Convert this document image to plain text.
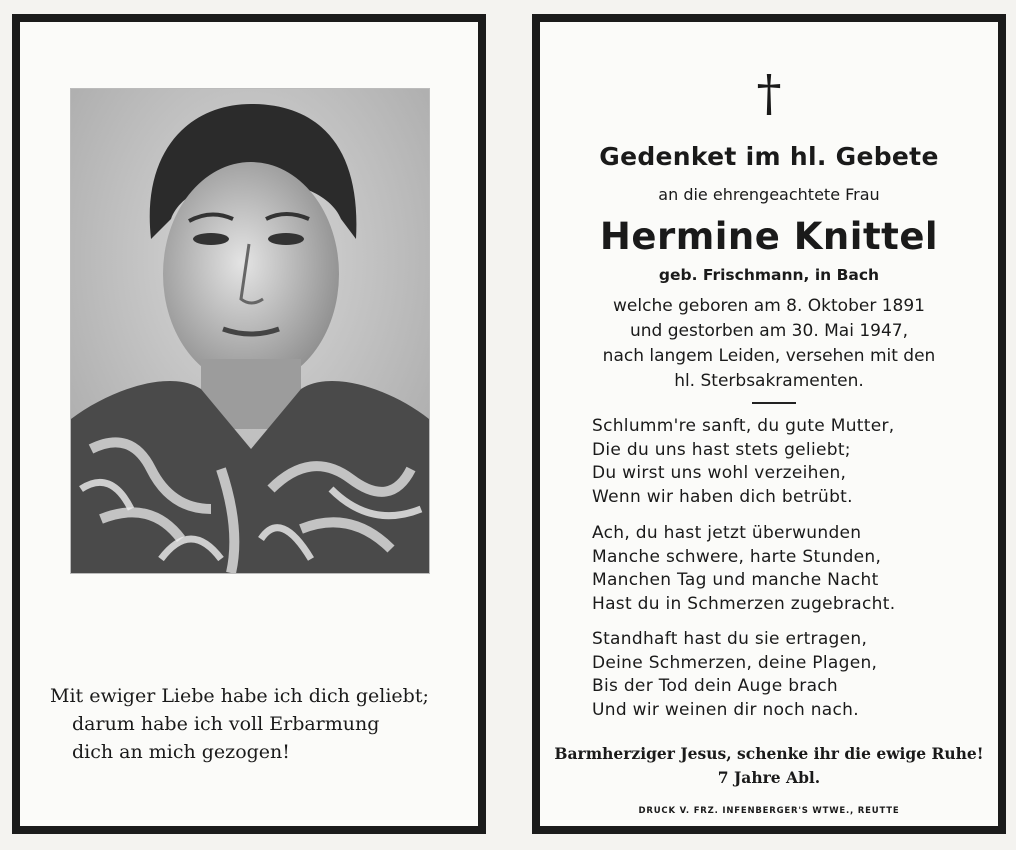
Mit ewiger Liebe habe ich dich geliebt;
darum habe ich voll Erbarmung
dich an mich gezogen!
†
Gedenket im hl. Gebete
an die ehrengeachtete Frau
Hermine Knittel
geb. Frischmann, in Bach
welche geboren am 8. Oktober 1891
und gestorben am 30. Mai 1947,
nach langem Leiden, versehen mit den
hl. Sterbsakramenten.
Schlumm're sanft, du gute Mutter,
Die du uns hast stets geliebt;
Du wirst uns wohl verzeihen,
Wenn wir haben dich betrübt.
Ach, du hast jetzt überwunden
Manche schwere, harte Stunden,
Manchen Tag und manche Nacht
Hast du in Schmerzen zugebracht.
Standhaft hast du sie ertragen,
Deine Schmerzen, deine Plagen,
Bis der Tod dein Auge brach
Und wir weinen dir noch nach.
Barmherziger Jesus, schenke ihr die ewige Ruhe!
7 Jahre Abl.
DRUCK V. FRZ. INFENBERGER'S WTWE., REUTTE
